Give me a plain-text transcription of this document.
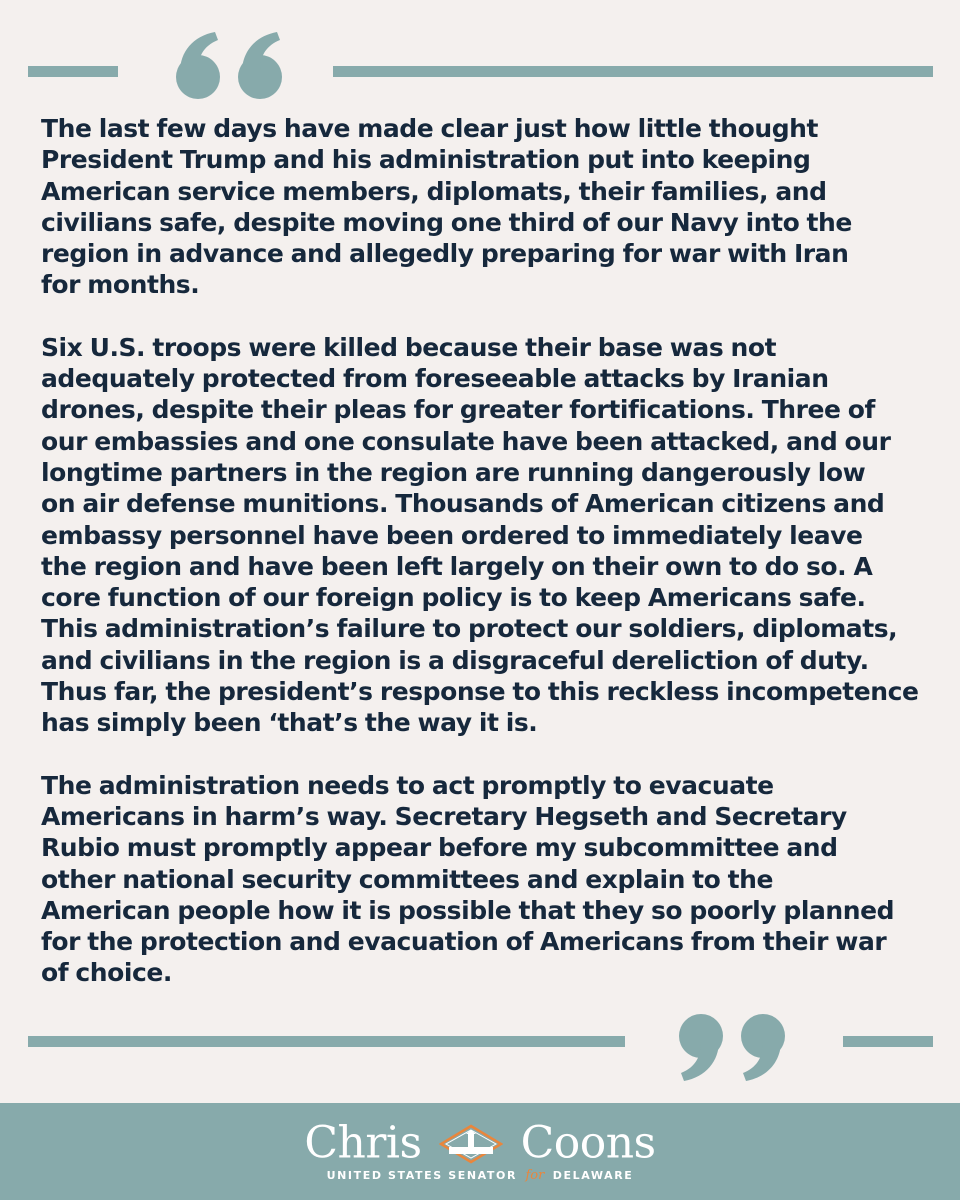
The last few days have made clear just how little thought
President Trump and his administration put into keeping
American service members, diplomats, their families, and
civilians safe, despite moving one third of our Navy into the
region in advance and allegedly preparing for war with Iran
for months.

Six U.S. troops were killed because their base was not
adequately protected from foreseeable attacks by Iranian
drones, despite their pleas for greater fortifications. Three of
our embassies and one consulate have been attacked, and our
longtime partners in the region are running dangerously low
on air defense munitions. Thousands of American citizens and
embassy personnel have been ordered to immediately leave
the region and have been left largely on their own to do so. A
core function of our foreign policy is to keep Americans safe.
This administration’s failure to protect our soldiers, diplomats,
and civilians in the region is a disgraceful dereliction of duty.
Thus far, the president’s response to this reckless incompetence
has simply been ‘that’s the way it is.

The administration needs to act promptly to evacuate
Americans in harm’s way. Secretary Hegseth and Secretary
Rubio must promptly appear before my subcommittee and
other national security committees and explain to the
American people how it is possible that they so poorly planned
for the protection and evacuation of Americans from their war
of choice.

Chris Coons
UNITED STATES SENATOR for DELAWARE
